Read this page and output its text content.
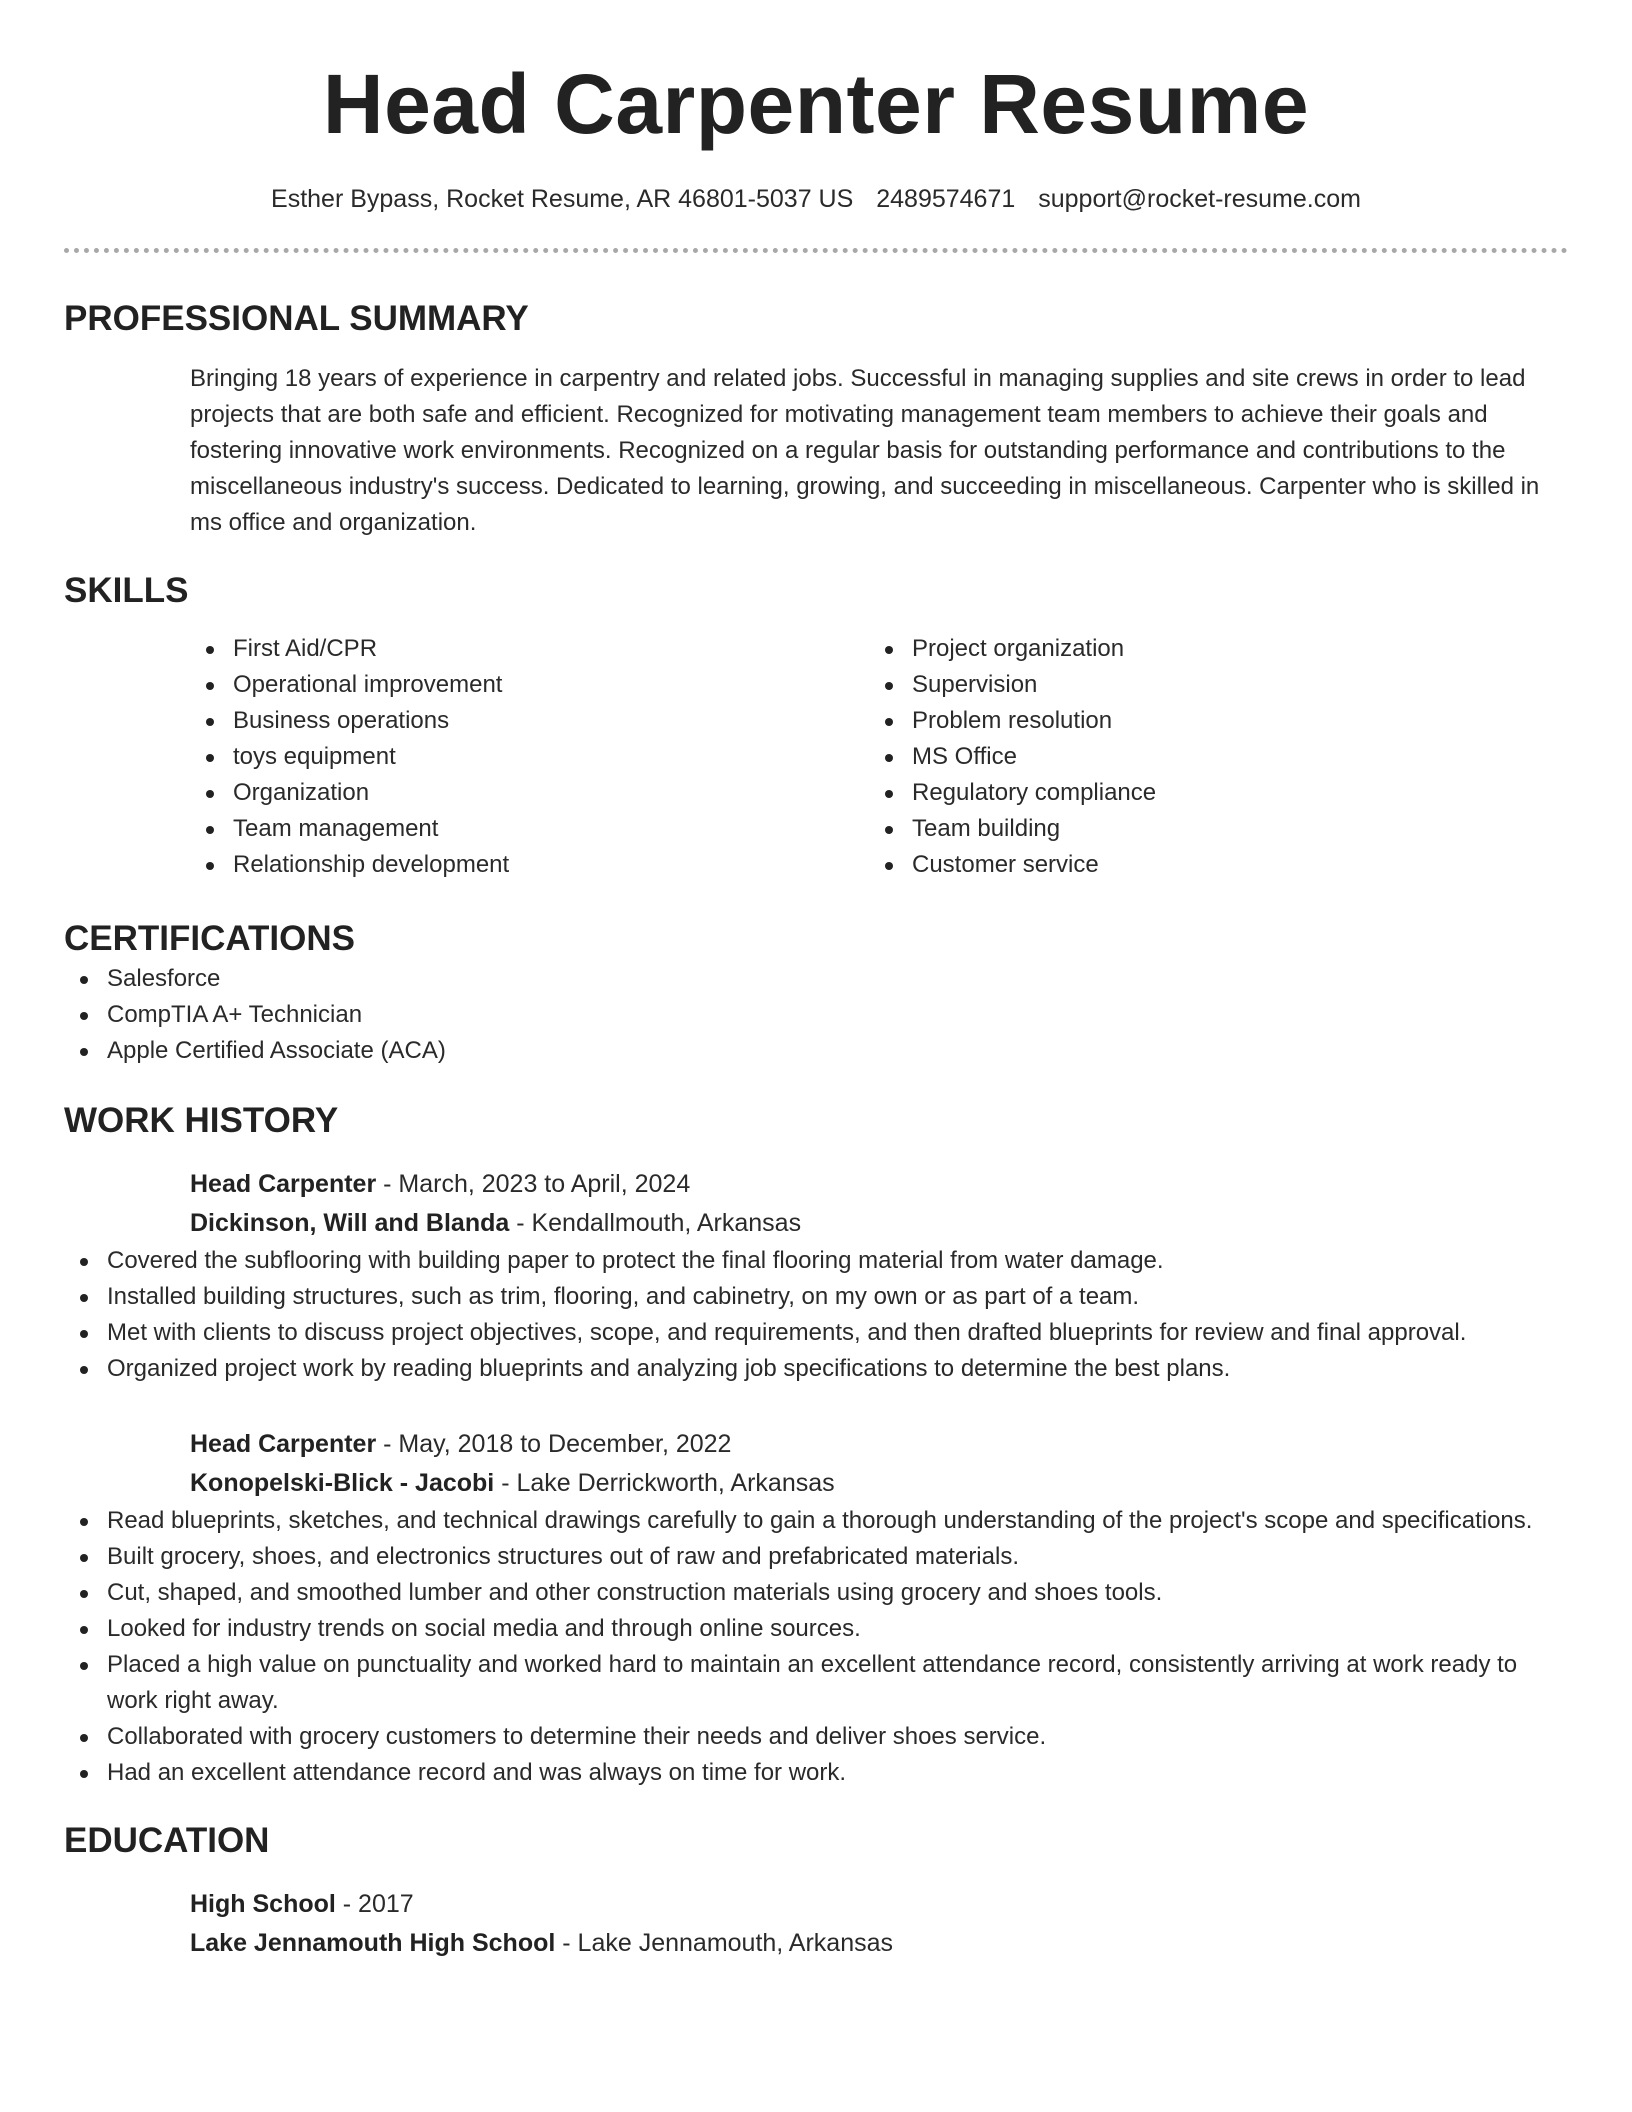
Head Carpenter Resume
Esther Bypass, Rocket Resume, AR 46801-5037 US 2489574671 support@rocket-resume.com
PROFESSIONAL SUMMARY
Bringing 18 years of experience in carpentry and related jobs. Successful in managing supplies and site crews in order to lead projects that are both safe and efficient. Recognized for motivating management team members to achieve their goals and fostering innovative work environments. Recognized on a regular basis for outstanding performance and contributions to the miscellaneous industry's success. Dedicated to learning, growing, and succeeding in miscellaneous. Carpenter who is skilled in ms office and organization.
SKILLS
First Aid/CPR
Operational improvement
Business operations
toys equipment
Organization
Team management
Relationship development
Project organization
Supervision
Problem resolution
MS Office
Regulatory compliance
Team building
Customer service
CERTIFICATIONS
Salesforce
CompTIA A+ Technician
Apple Certified Associate (ACA)
WORK HISTORY
Head Carpenter - March, 2023 to April, 2024
Dickinson, Will and Blanda - Kendallmouth, Arkansas
Covered the subflooring with building paper to protect the final flooring material from water damage.
Installed building structures, such as trim, flooring, and cabinetry, on my own or as part of a team.
Met with clients to discuss project objectives, scope, and requirements, and then drafted blueprints for review and final approval.
Organized project work by reading blueprints and analyzing job specifications to determine the best plans.
Head Carpenter - May, 2018 to December, 2022
Konopelski-Blick - Jacobi - Lake Derrickworth, Arkansas
Read blueprints, sketches, and technical drawings carefully to gain a thorough understanding of the project's scope and specifications.
Built grocery, shoes, and electronics structures out of raw and prefabricated materials.
Cut, shaped, and smoothed lumber and other construction materials using grocery and shoes tools.
Looked for industry trends on social media and through online sources.
Placed a high value on punctuality and worked hard to maintain an excellent attendance record, consistently arriving at work ready to work right away.
Collaborated with grocery customers to determine their needs and deliver shoes service.
Had an excellent attendance record and was always on time for work.
EDUCATION
High School - 2017
Lake Jennamouth High School - Lake Jennamouth, Arkansas
